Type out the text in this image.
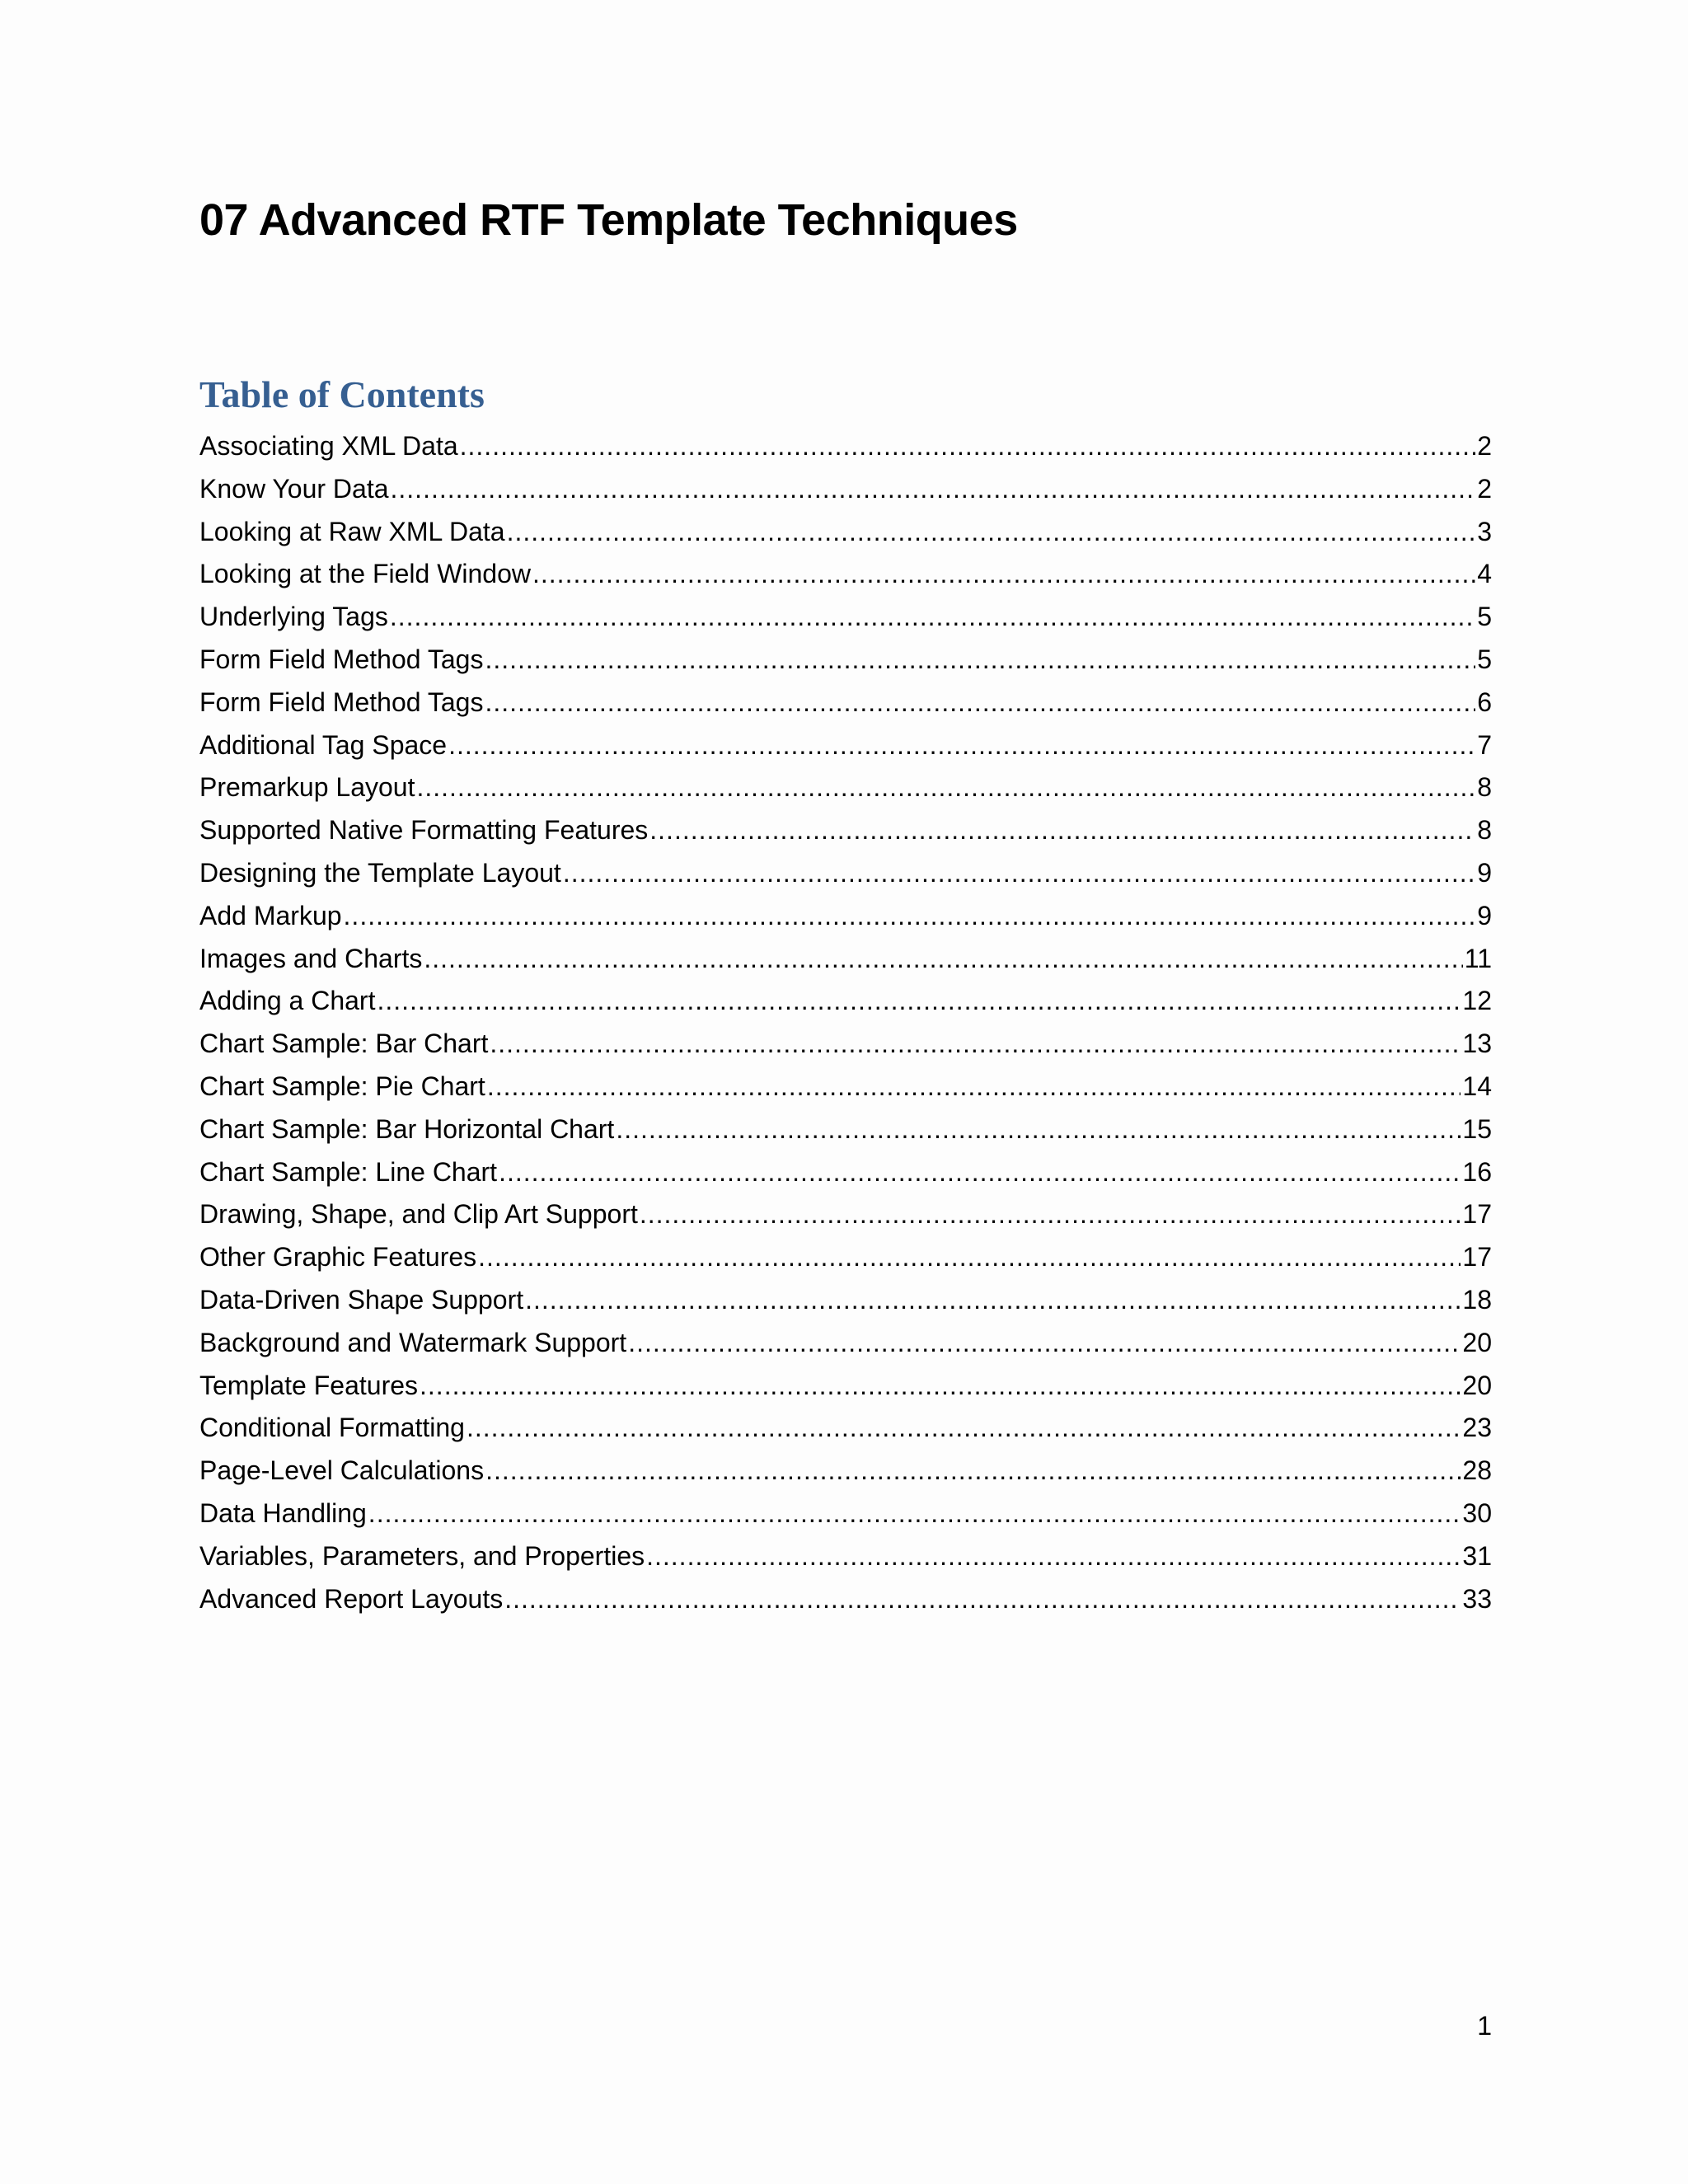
07 Advanced RTF Template Techniques
Table of Contents
Associating XML Data .....	2
Know Your Data .....	2
Looking at Raw XML Data .....	3
Looking at the Field Window .....	4
Underlying Tags .....	5
Form Field Method Tags .....	5
Form Field Method Tags .....	6
Additional Tag Space .....	7
Premarkup Layout .....	8
Supported Native Formatting Features .....	8
Designing the Template Layout .....	9
Add Markup .....	9
Images and Charts .....	11
Adding a Chart .....	12
Chart Sample: Bar Chart .....	13
Chart Sample: Pie Chart .....	14
Chart Sample: Bar Horizontal Chart .....	15
Chart Sample: Line Chart .....	16
Drawing, Shape, and Clip Art Support .....	17
Other Graphic Features .....	17
Data-Driven Shape Support .....	18
Background and Watermark Support .....	20
Template Features .....	20
Conditional Formatting .....	23
Page-Level Calculations .....	28
Data Handling .....	30
Variables, Parameters, and Properties .....	31
Advanced Report Layouts .....	33
1
